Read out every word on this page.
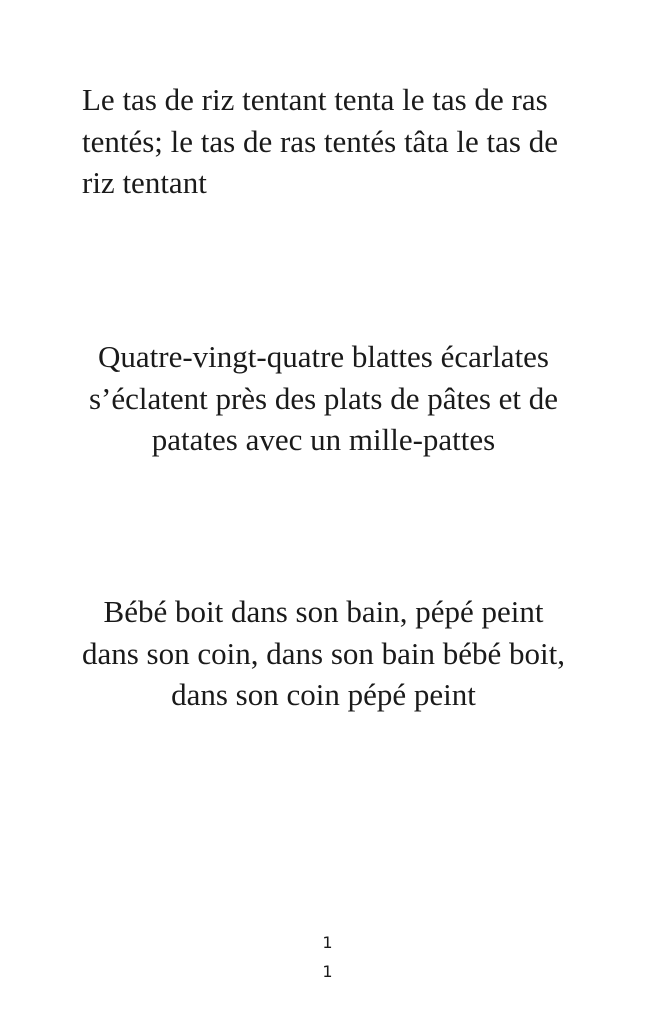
Le tas de riz tentant tenta le tas de ras
tentés; le tas de ras tentés tâta le tas de
riz tentant
Quatre-vingt-quatre blattes écarlates
s’éclatent près des plats de pâtes et de
patates avec un mille-pattes
Bébé boit dans son bain, pépé peint
dans son coin, dans son bain bébé boit,
dans son coin pépé peint
1
1
